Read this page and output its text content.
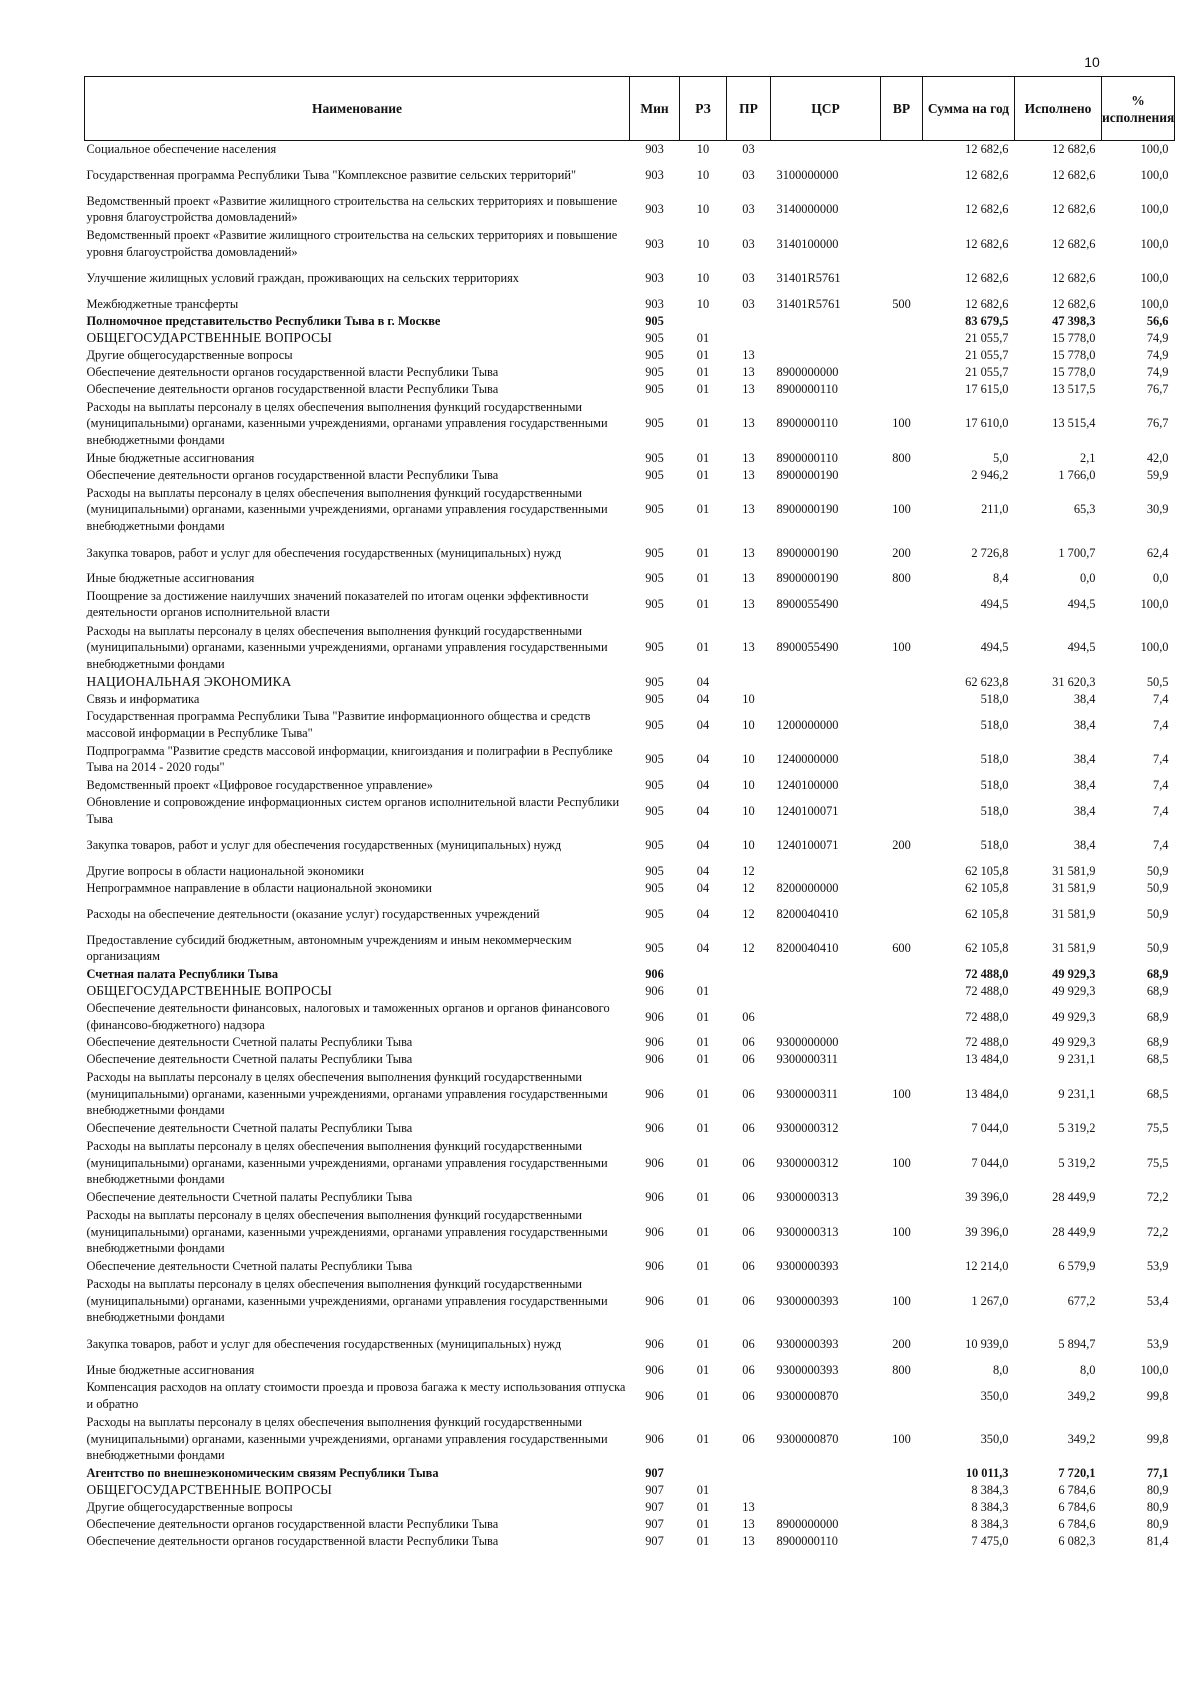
10
Наименование	Мин	РЗ	ПР	ЦСР	ВР	Сумма на год	Исполнено	% исполнения
Социальное обеспечение населения	903	10	03			12 682,6	12 682,6	100,0
Государственная программа Республики Тыва "Комплексное развитие сельских территорий"	903	10	03	3100000000		12 682,6	12 682,6	100,0
Ведомственный проект «Развитие жилищного строительства на сельских территориях и повышение уровня благоустройства домовладений»	903	10	03	3140000000		12 682,6	12 682,6	100,0
Ведомственный проект «Развитие жилищного строительства на сельских территориях и повышение уровня благоустройства домовладений»	903	10	03	3140100000		12 682,6	12 682,6	100,0
Улучшение жилищных условий граждан, проживающих на сельских территориях	903	10	03	31401R5761		12 682,6	12 682,6	100,0
Межбюджетные трансферты	903	10	03	31401R5761	500	12 682,6	12 682,6	100,0
Полномочное представительство Республики Тыва в г. Москве	905					83 679,5	47 398,3	56,6
ОБЩЕГОСУДАРСТВЕННЫЕ ВОПРОСЫ	905	01				21 055,7	15 778,0	74,9
Другие общегосударственные вопросы	905	01	13			21 055,7	15 778,0	74,9
Обеспечение деятельности органов государственной власти Республики Тыва	905	01	13	8900000000		21 055,7	15 778,0	74,9
Обеспечение деятельности органов государственной власти Республики Тыва	905	01	13	8900000110		17 615,0	13 517,5	76,7
Расходы на выплаты персоналу в целях обеспечения выполнения функций государственными (муниципальными) органами, казенными учреждениями, органами управления государственными внебюджетными фондами	905	01	13	8900000110	100	17 610,0	13 515,4	76,7
Иные бюджетные ассигнования	905	01	13	8900000110	800	5,0	2,1	42,0
Обеспечение деятельности органов государственной власти Республики Тыва	905	01	13	8900000190		2 946,2	1 766,0	59,9
Расходы на выплаты персоналу в целях обеспечения выполнения функций государственными (муниципальными) органами, казенными учреждениями, органами управления государственными внебюджетными фондами	905	01	13	8900000190	100	211,0	65,3	30,9
Закупка товаров, работ и услуг для обеспечения государственных (муниципальных) нужд	905	01	13	8900000190	200	2 726,8	1 700,7	62,4
Иные бюджетные ассигнования	905	01	13	8900000190	800	8,4	0,0	0,0
Поощрение за достижение наилучших значений показателей по итогам оценки эффективности деятельности органов исполнительной власти	905	01	13	8900055490		494,5	494,5	100,0
Расходы на выплаты персоналу в целях обеспечения выполнения функций государственными (муниципальными) органами, казенными учреждениями, органами управления государственными внебюджетными фондами	905	01	13	8900055490	100	494,5	494,5	100,0
НАЦИОНАЛЬНАЯ ЭКОНОМИКА	905	04				62 623,8	31 620,3	50,5
Связь и информатика	905	04	10			518,0	38,4	7,4
Государственная программа Республики Тыва "Развитие информационного общества и средств массовой информации в Республике Тыва"	905	04	10	1200000000		518,0	38,4	7,4
Подпрограмма "Развитие средств массовой информации, книгоиздания и полиграфии в Республике Тыва на 2014 - 2020 годы"	905	04	10	1240000000		518,0	38,4	7,4
Ведомственный проект «Цифровое государственное управление»	905	04	10	1240100000		518,0	38,4	7,4
Обновление и сопровождение информационных систем органов исполнительной власти Республики Тыва	905	04	10	1240100071		518,0	38,4	7,4
Закупка товаров, работ и услуг для обеспечения государственных (муниципальных) нужд	905	04	10	1240100071	200	518,0	38,4	7,4
Другие вопросы в области национальной экономики	905	04	12			62 105,8	31 581,9	50,9
Непрограммное направление в области национальной экономики	905	04	12	8200000000		62 105,8	31 581,9	50,9
Расходы на обеспечение деятельности (оказание услуг) государственных учреждений	905	04	12	8200040410		62 105,8	31 581,9	50,9
Предоставление субсидий бюджетным, автономным учреждениям и иным некоммерческим организациям	905	04	12	8200040410	600	62 105,8	31 581,9	50,9
Счетная палата Республики Тыва	906					72 488,0	49 929,3	68,9
ОБЩЕГОСУДАРСТВЕННЫЕ ВОПРОСЫ	906	01				72 488,0	49 929,3	68,9
Обеспечение деятельности финансовых, налоговых и таможенных органов и органов финансового (финансово-бюджетного) надзора	906	01	06			72 488,0	49 929,3	68,9
Обеспечение деятельности Счетной палаты Республики Тыва	906	01	06	9300000000		72 488,0	49 929,3	68,9
Обеспечение деятельности Счетной палаты Республики Тыва	906	01	06	9300000311		13 484,0	9 231,1	68,5
Расходы на выплаты персоналу в целях обеспечения выполнения функций государственными (муниципальными) органами, казенными учреждениями, органами управления государственными внебюджетными фондами	906	01	06	9300000311	100	13 484,0	9 231,1	68,5
Обеспечение деятельности Счетной палаты Республики Тыва	906	01	06	9300000312		7 044,0	5 319,2	75,5
Расходы на выплаты персоналу в целях обеспечения выполнения функций государственными (муниципальными) органами, казенными учреждениями, органами управления государственными внебюджетными фондами	906	01	06	9300000312	100	7 044,0	5 319,2	75,5
Обеспечение деятельности Счетной палаты Республики Тыва	906	01	06	9300000313		39 396,0	28 449,9	72,2
Расходы на выплаты персоналу в целях обеспечения выполнения функций государственными (муниципальными) органами, казенными учреждениями, органами управления государственными внебюджетными фондами	906	01	06	9300000313	100	39 396,0	28 449,9	72,2
Обеспечение деятельности Счетной палаты Республики Тыва	906	01	06	9300000393		12 214,0	6 579,9	53,9
Расходы на выплаты персоналу в целях обеспечения выполнения функций государственными (муниципальными) органами, казенными учреждениями, органами управления государственными внебюджетными фондами	906	01	06	9300000393	100	1 267,0	677,2	53,4
Закупка товаров, работ и услуг для обеспечения государственных (муниципальных) нужд	906	01	06	9300000393	200	10 939,0	5 894,7	53,9
Иные бюджетные ассигнования	906	01	06	9300000393	800	8,0	8,0	100,0
Компенсация расходов на оплату стоимости проезда и провоза багажа к месту использования отпуска и обратно	906	01	06	9300000870		350,0	349,2	99,8
Расходы на выплаты персоналу в целях обеспечения выполнения функций государственными (муниципальными) органами, казенными учреждениями, органами управления государственными внебюджетными фондами	906	01	06	9300000870	100	350,0	349,2	99,8
Агентство по внешнеэкономическим связям Республики Тыва	907					10 011,3	7 720,1	77,1
ОБЩЕГОСУДАРСТВЕННЫЕ ВОПРОСЫ	907	01				8 384,3	6 784,6	80,9
Другие общегосударственные вопросы	907	01	13			8 384,3	6 784,6	80,9
Обеспечение деятельности органов государственной власти Республики Тыва	907	01	13	8900000000		8 384,3	6 784,6	80,9
Обеспечение деятельности органов государственной власти Республики Тыва	907	01	13	8900000110		7 475,0	6 082,3	81,4
